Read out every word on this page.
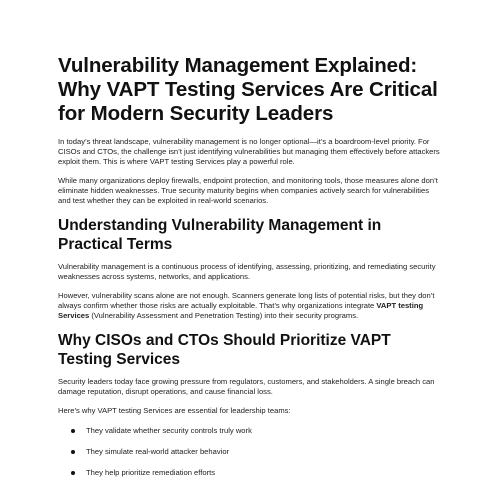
Vulnerability Management Explained: Why VAPT Testing Services Are Critical for Modern Security Leaders

In today’s threat landscape, vulnerability management is no longer optional—it’s a boardroom-level priority. For CISOs and CTOs, the challenge isn’t just identifying vulnerabilities but managing them effectively before attackers exploit them. This is where VAPT testing Services play a powerful role.

While many organizations deploy firewalls, endpoint protection, and monitoring tools, those measures alone don’t eliminate hidden weaknesses. True security maturity begins when companies actively search for vulnerabilities and test whether they can be exploited in real-world scenarios.

Understanding Vulnerability Management in Practical Terms

Vulnerability management is a continuous process of identifying, assessing, prioritizing, and remediating security weaknesses across systems, networks, and applications.

However, vulnerability scans alone are not enough. Scanners generate long lists of potential risks, but they don’t always confirm whether those risks are actually exploitable. That’s why organizations integrate VAPT testing Services (Vulnerability Assessment and Penetration Testing) into their security programs.

Why CISOs and CTOs Should Prioritize VAPT Testing Services

Security leaders today face growing pressure from regulators, customers, and stakeholders. A single breach can damage reputation, disrupt operations, and cause financial loss.

Here’s why VAPT testing Services are essential for leadership teams:

They validate whether security controls truly work
They simulate real-world attacker behavior
They help prioritize remediation efforts
